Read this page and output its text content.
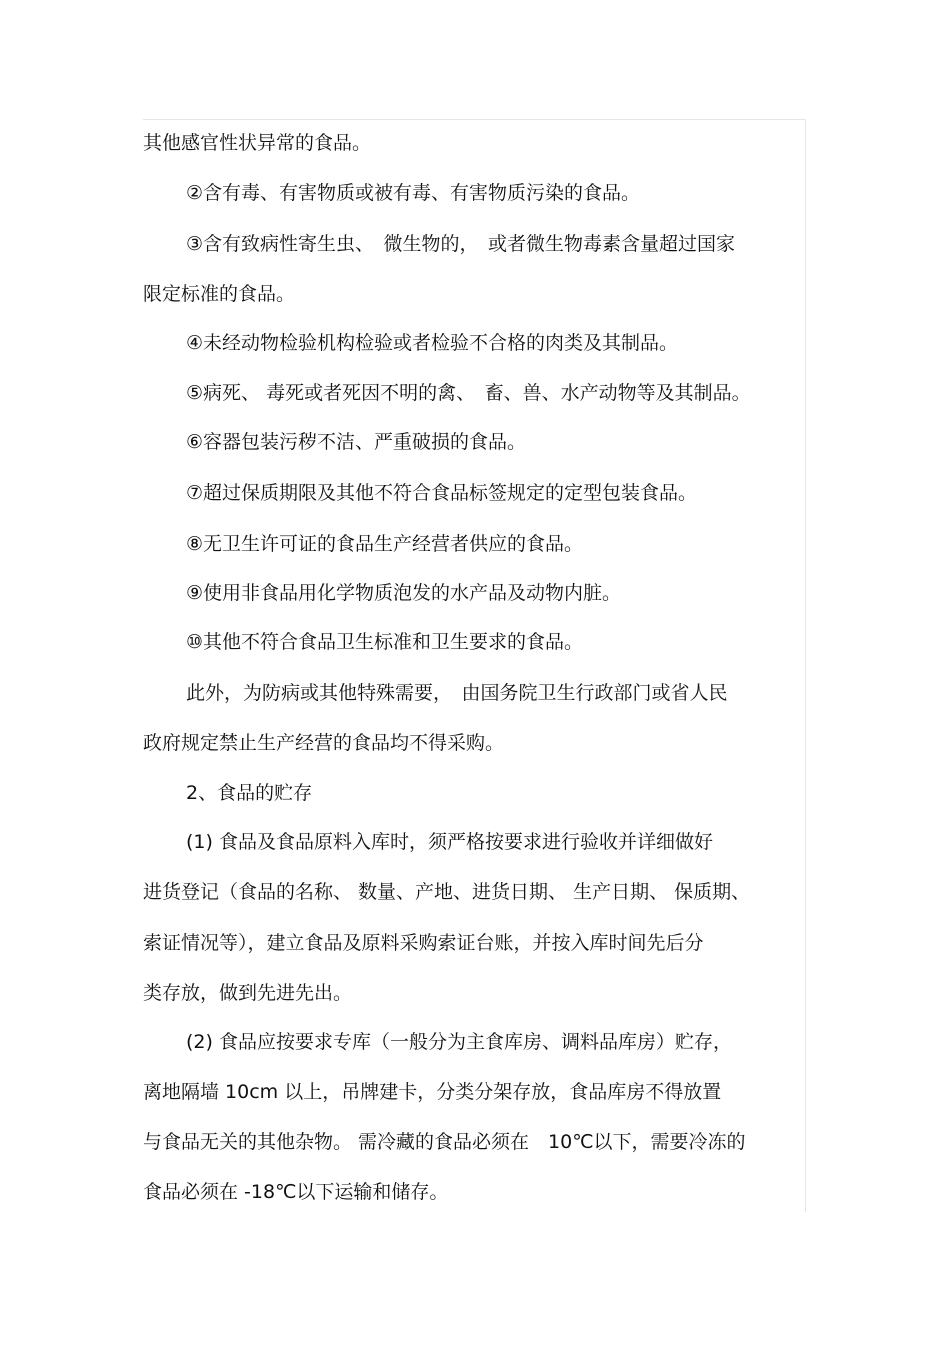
其他感官性状异常的食品。
②含有毒、有害物质或被有毒、有害物质污染的食品。
③含有致病性寄生虫、　微生物的，　或者微生物毒素含量超过国家
限定标准的食品。
④未经动物检验机构检验或者检验不合格的肉类及其制品。
⑤病死、 毒死或者死因不明的禽、　畜、兽、水产动物等及其制品。
⑥容器包装污秽不洁、严重破损的食品。
⑦超过保质期限及其他不符合食品标签规定的定型包装食品。
⑧无卫生许可证的食品生产经营者供应的食品。
⑨使用非食品用化学物质泡发的水产品及动物内脏。
⑩其他不符合食品卫生标准和卫生要求的食品。
此外，为防病或其他特殊需要，　由国务院卫生行政部门或省人民
政府规定禁止生产经营的食品均不得采购。
2、食品的贮存
(1) 食品及食品原料入库时，须严格按要求进行验收并详细做好
进货登记（食品的名称、 数量、产地、进货日期、 生产日期、 保质期、
索证情况等），建立食品及原料采购索证台账，并按入库时间先后分
类存放，做到先进先出。
(2) 食品应按要求专库（一般分为主食库房、调料品库房）贮存，
离地隔墙 10cm 以上，吊牌建卡，分类分架存放，食品库房不得放置
与食品无关的其他杂物。 需冷藏的食品必须在　10℃以下，需要冷冻的
食品必须在 -18℃以下运输和储存。
